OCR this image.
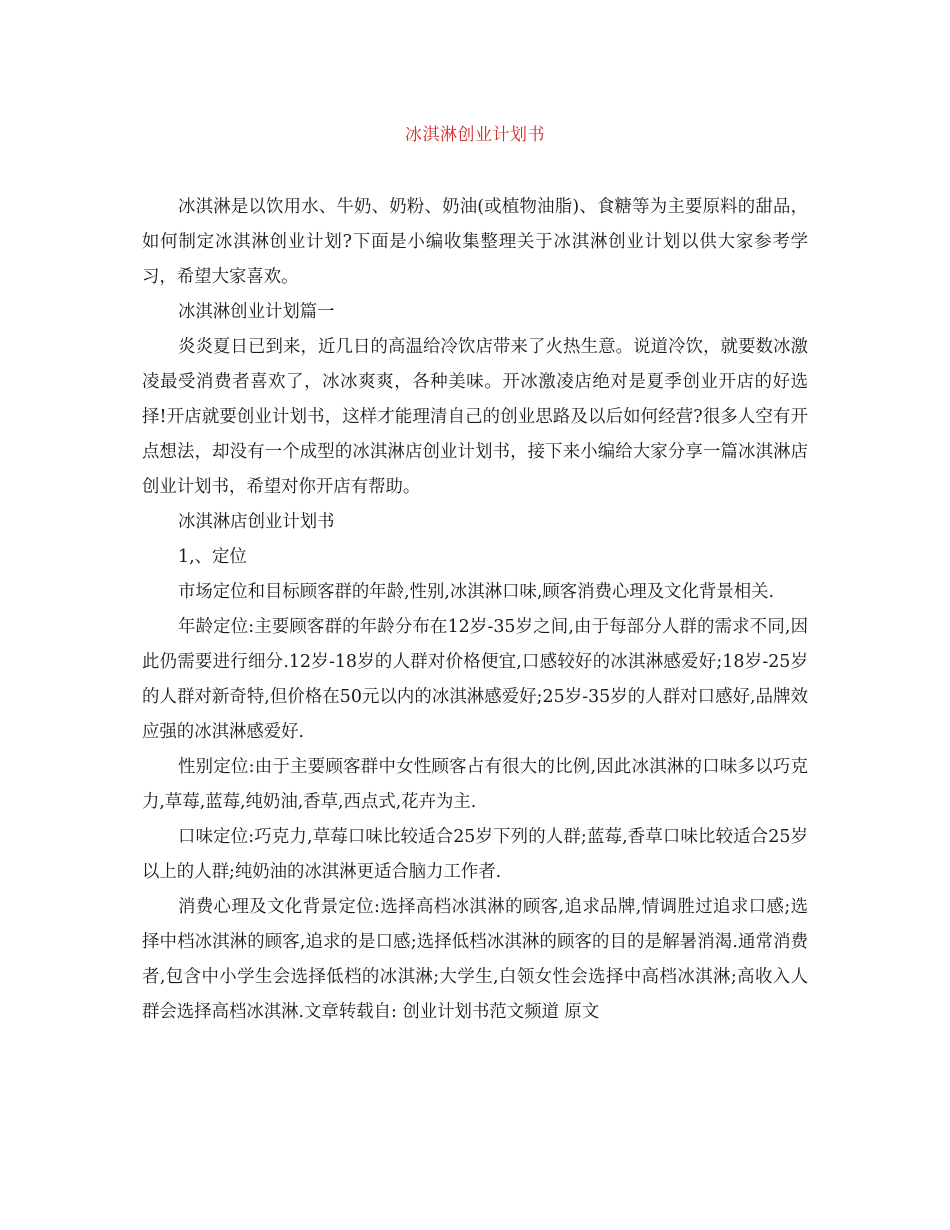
冰淇淋创业计划书

冰淇淋是以饮用水、牛奶、奶粉、奶油(或植物油脂)、食糖等为主要原料的甜品，如何制定冰淇淋创业计划?下面是小编收集整理关于冰淇淋创业计划以供大家参考学习，希望大家喜欢。

冰淇淋创业计划篇一

炎炎夏日已到来，近几日的高温给冷饮店带来了火热生意。说道冷饮，就要数冰激凌最受消费者喜欢了，冰冰爽爽，各种美味。开冰激凌店绝对是夏季创业开店的好选择!开店就要创业计划书，这样才能理清自己的创业思路及以后如何经营?很多人空有开点想法，却没有一个成型的冰淇淋店创业计划书，接下来小编给大家分享一篇冰淇淋店创业计划书，希望对你开店有帮助。

冰淇淋店创业计划书

1,、定位

市场定位和目标顾客群的年龄,性别,冰淇淋口味,顾客消费心理及文化背景相关.

年龄定位:主要顾客群的年龄分布在12岁-35岁之间,由于每部分人群的需求不同,因此仍需要进行细分.12岁-18岁的人群对价格便宜,口感较好的冰淇淋感爱好;18岁-25岁的人群对新奇特,但价格在50元以内的冰淇淋感爱好;25岁-35岁的人群对口感好,品牌效应强的冰淇淋感爱好.

性别定位:由于主要顾客群中女性顾客占有很大的比例,因此冰淇淋的口味多以巧克力,草莓,蓝莓,纯奶油,香草,西点式,花卉为主.

口味定位:巧克力,草莓口味比较适合25岁下列的人群;蓝莓,香草口味比较适合25岁以上的人群;纯奶油的冰淇淋更适合脑力工作者.

消费心理及文化背景定位:选择高档冰淇淋的顾客,追求品牌,情调胜过追求口感;选择中档冰淇淋的顾客,追求的是口感;选择低档冰淇淋的顾客的目的是解暑消渴.通常消费者,包含中小学生会选择低档的冰淇淋;大学生,白领女性会选择中高档冰淇淋;高收入人群会选择高档冰淇淋.文章转载自: 创业计划书范文频道 原文
